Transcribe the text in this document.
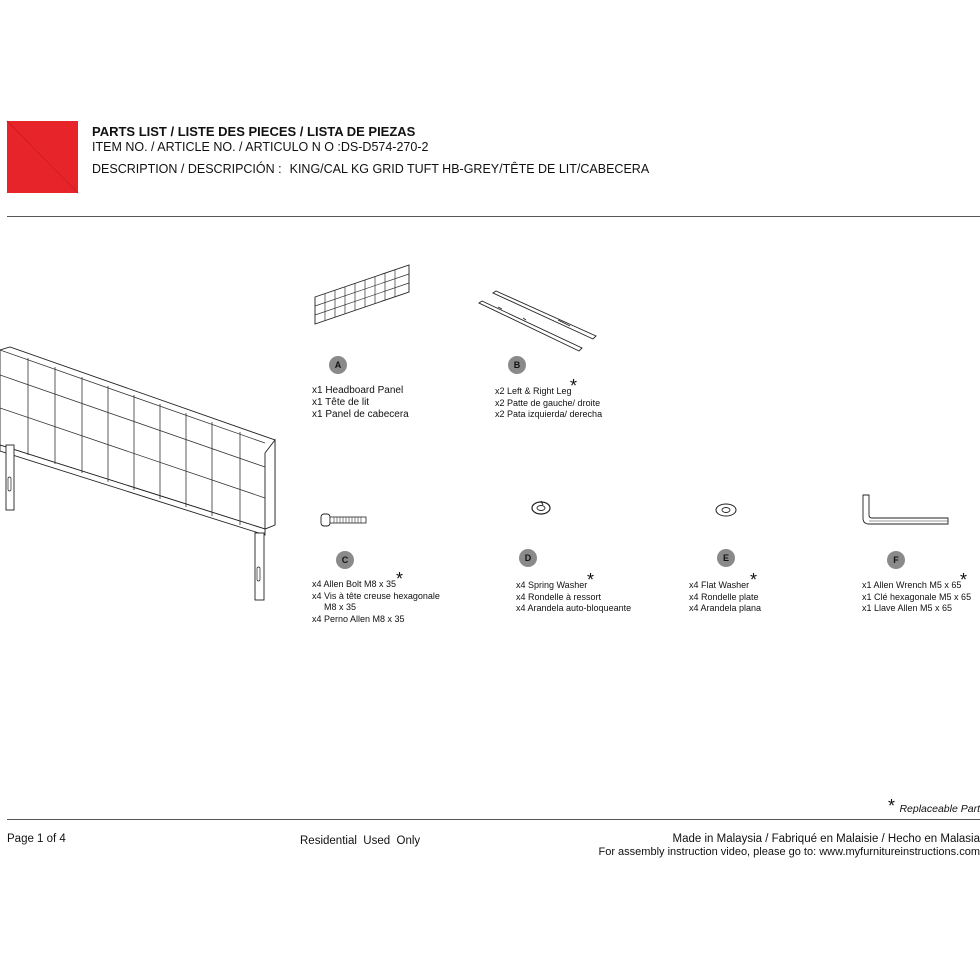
PARTS LIST / LISTE DES PIECES / LISTA DE PIEZAS
ITEM NO. / ARTICLE NO. / ARTICULO N O :DS-D574-270-2
DESCRIPTION / DESCRIPCIÓN : KING/CAL KG GRID TUFT HB-GREY/TÊTE DE LIT/CABECERA
A	B
C	D	E	F
x1 Headboard Panel
x1 Tête de lit
x1 Panel de cabecera
x2 Left & Right Leg
x2 Patte de gauche/ droite
x2 Pata izquierda/ derecha
x4 Allen Bolt M8 x 35
x4 Vis à tête creuse hexagonale
M8 x 35
x4 Perno Allen M8 x 35
x4 Spring Washer
x4 Rondelle à ressort
x4 Arandela auto-bloqueante
x4 Flat Washer
x4 Rondelle plate
x4 Arandela plana
x1 Allen Wrench M5 x 65
x1 Clé hexagonale M5 x 65
x1 Llave Allen M5 x 65
*
*	*	*	*
* Replaceable Part
Page 1 of 4	Residential  Used  Only	Made in Malaysia / Fabriqué en Malaisie / Hecho en Malasia
For assembly instruction video, please go to: www.myfurnitureinstructions.com
